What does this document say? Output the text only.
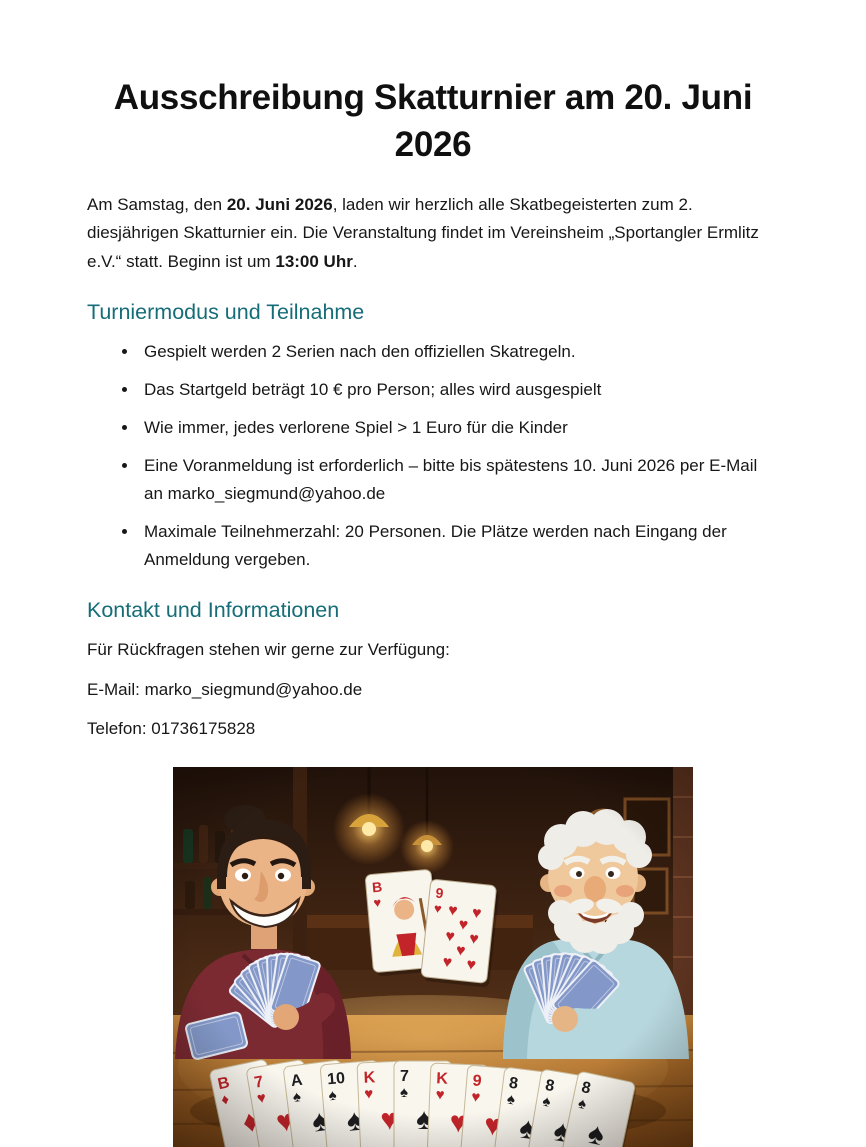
Ausschreibung Skatturnier am 20. Juni 2026

Am Samstag, den 20. Juni 2026, laden wir herzlich alle Skatbegeisterten zum 2. diesjährigen Skatturnier ein. Die Veranstaltung findet im Vereinsheim „Sportangler Ermlitz e.V.“ statt. Beginn ist um 13:00 Uhr.

Turniermodus und Teilnahme
• Gespielt werden 2 Serien nach den offiziellen Skatregeln.
• Das Startgeld beträgt 10 € pro Person; alles wird ausgespielt
• Wie immer, jedes verlorene Spiel > 1 Euro für die Kinder
• Eine Voranmeldung ist erforderlich – bitte bis spätestens 10. Juni 2026 per E-Mail an marko_siegmund@yahoo.de
• Maximale Teilnehmerzahl: 20 Personen. Die Plätze werden nach Eingang der Anmeldung vergeben.
Kontakt und Informationen

Für Rückfragen stehen wir gerne zur Verfügung:

E-Mail: marko_siegmund@yahoo.de

Telefon: 01736175828
